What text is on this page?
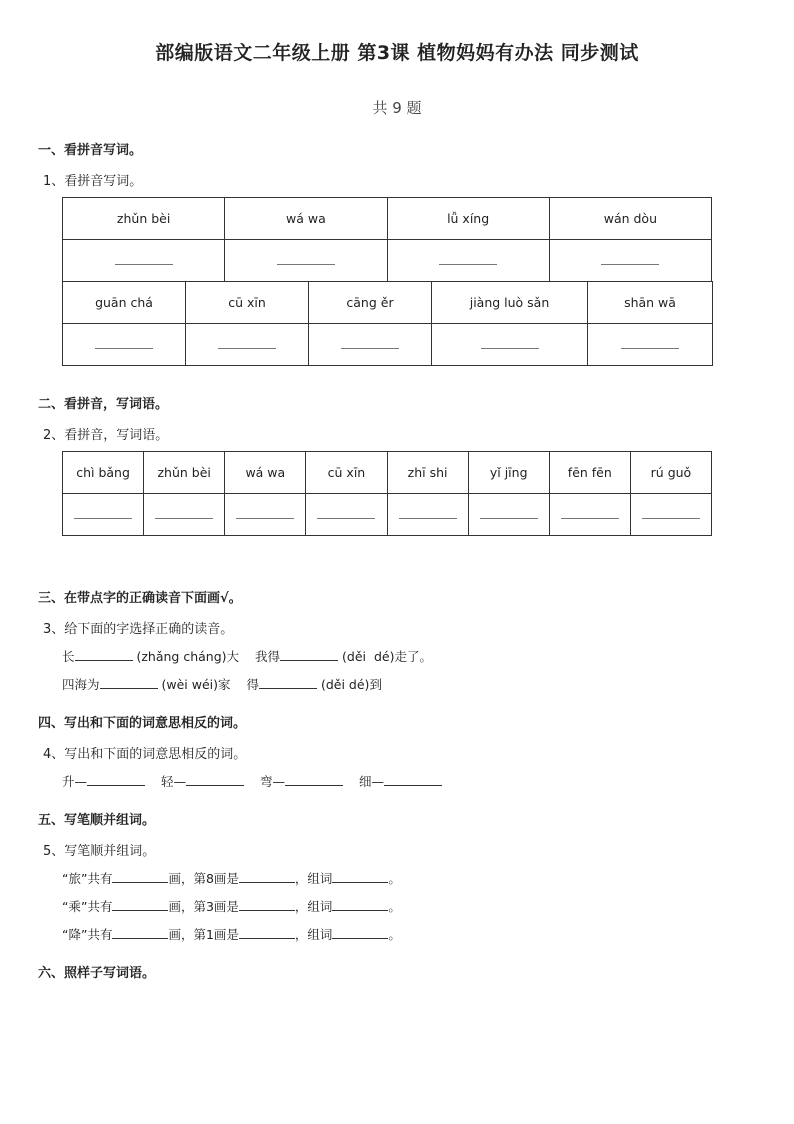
部编版语文二年级上册 第3课 植物妈妈有办法 同步测试
共 9 题
一、看拼音写词。
1、看拼音写词。
zhǔn bèi	wá wa	lǚ xíng	wán dòu

guān chá	cū xīn	cāng ěr	jiàng luò sǎn	shān wā

二、看拼音，写词语。
2、看拼音，写词语。
chì bǎng	zhǔn bèi	wá wa	cū xīn	zhī shi	yǐ jīng	fēn fēn	rú guǒ

三、在带点字的正确读音下面画√。
3、给下面的字选择正确的读音。
长	(zhǎng cháng)大 我得	(děi  dé)走了。
四海为	(wèi wéi)家 得	(děi dé)到
四、写出和下面的词意思相反的词。
4、写出和下面的词意思相反的词。
升—	轻—	弯—	细—
五、写笔顺并组词。
5、写笔顺并组词。
“旅”共有	画，第8画是	，组词	。
“乘”共有	画，第3画是	，组词	。
“降”共有	画，第1画是	，组词	。
六、照样子写词语。
